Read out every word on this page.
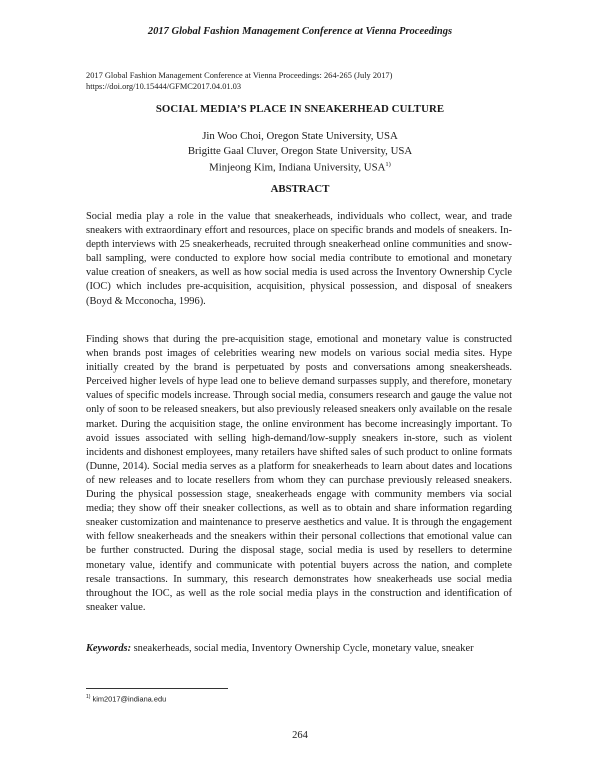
2017 Global Fashion Management Conference at Vienna Proceedings
2017 Global Fashion Management Conference at Vienna Proceedings: 264-265 (July 2017)
https://doi.org/10.15444/GFMC2017.04.01.03
SOCIAL MEDIA’S PLACE IN SNEAKERHEAD CULTURE
Jin Woo Choi, Oregon State University, USA
Brigitte Gaal Cluver, Oregon State University, USA
Minjeong Kim, Indiana University, USA$^{1)}$
ABSTRACT

Social media play a role in the value that sneakerheads, individuals who collect, wear, and trade sneakers with extraordinary effort and resources, place on specific brands and models of sneakers. In-depth interviews with 25 sneakerheads, recruited through sneakerhead online communities and snow-ball sampling, were conducted to explore how social media contribute to emotional and monetary value creation of sneakers, as well as how social media is used across the Inventory Ownership Cycle (IOC) which includes pre-acquisition, acquisition, physical possession, and disposal of sneakers (Boyd & Mcconocha, 1996).

Finding shows that during the pre-acquisition stage, emotional and monetary value is constructed when brands post images of celebrities wearing new models on various social media sites. Hype initially created by the brand is perpetuated by posts and conversations among sneakersheads. Perceived higher levels of hype lead one to believe demand surpasses supply, and therefore, monetary values of specific models increase. Through social media, consumers research and gauge the value not only of soon to be released sneakers, but also previously released sneakers only available on the resale market. During the acquisition stage, the online environment has become increasingly important. To avoid issues associated with selling high-demand/low-supply sneakers in-store, such as violent incidents and dishonest employees, many retailers have shifted sales of such product to online formats (Dunne, 2014). Social media serves as a platform for sneakerheads to learn about dates and locations of new releases and to locate resellers from whom they can purchase previously released sneakers. During the physical possession stage, sneakerheads engage with community members via social media; they show off their sneaker collections, as well as to obtain and share information regarding sneaker customization and maintenance to preserve aesthetics and value. It is through the engagement with fellow sneakerheads and the sneakers within their personal collections that emotional value can be further constructed. During the disposal stage, social media is used by resellers to determine monetary value, identify and communicate with potential buyers across the nation, and complete resale transactions. In summary, this research demonstrates how sneakerheads use social media throughout the IOC, as well as the role social media plays in the construction and identification of sneaker value.

Keywords: sneakerheads, social media, Inventory Ownership Cycle, monetary value, sneaker

$^{1)}$ kim2017@indiana.edu
264
